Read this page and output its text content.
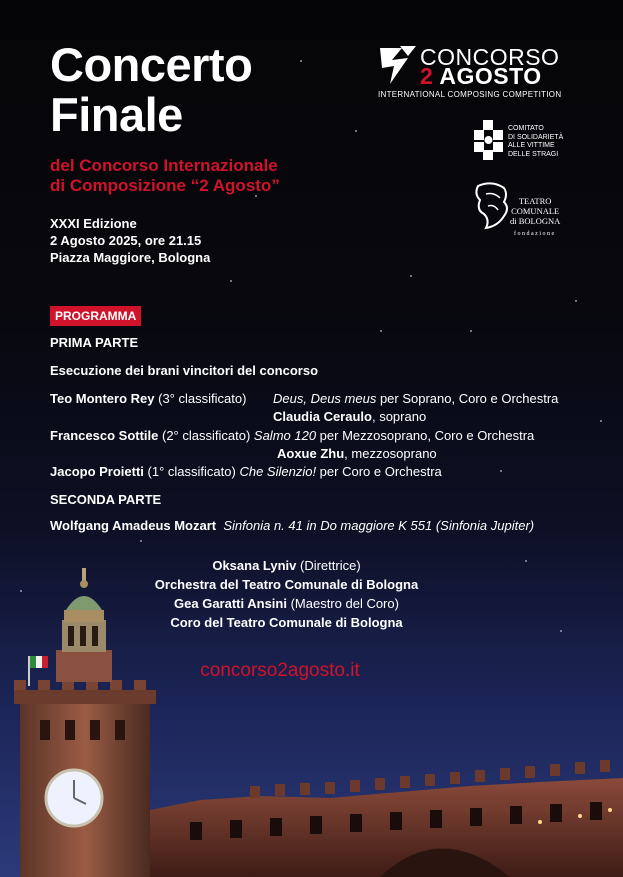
Concerto
Finale
del Concorso Internazionale
di Composizione “2 Agosto”
XXXI Edizione
2 Agosto 2025, ore 21.15
Piazza Maggiore, Bologna
CONCORSO
2 AGOSTO
INTERNATIONAL COMPOSING COMPETITION
COMITATO
DI SOLIDARIETÀ
ALLE VITTIME
DELLE STRAGI
TEATRO
COMUNALE
di BOLOGNA
fondazione
PROGRAMMA
PRIMA PARTE
Esecuzione dei brani vincitori del concorso
Teo Montero Rey (3° classificato) Deus, Deus meus per Soprano, Coro e Orchestra
Claudia Ceraulo, soprano
Francesco Sottile (2° classificato) Salmo 120 per Mezzosoprano, Coro e Orchestra
Aoxue Zhu, mezzosoprano
Jacopo Proietti (1° classificato) Che Silenzio! per Coro e Orchestra
SECONDA PARTE
Wolfgang Amadeus Mozart Sinfonia n. 41 in Do maggiore K 551 (Sinfonia Jupiter)
Oksana Lyniv (Direttrice)
Orchestra del Teatro Comunale di Bologna
Gea Garatti Ansini (Maestro del Coro)
Coro del Teatro Comunale di Bologna
concorso2agosto.it
